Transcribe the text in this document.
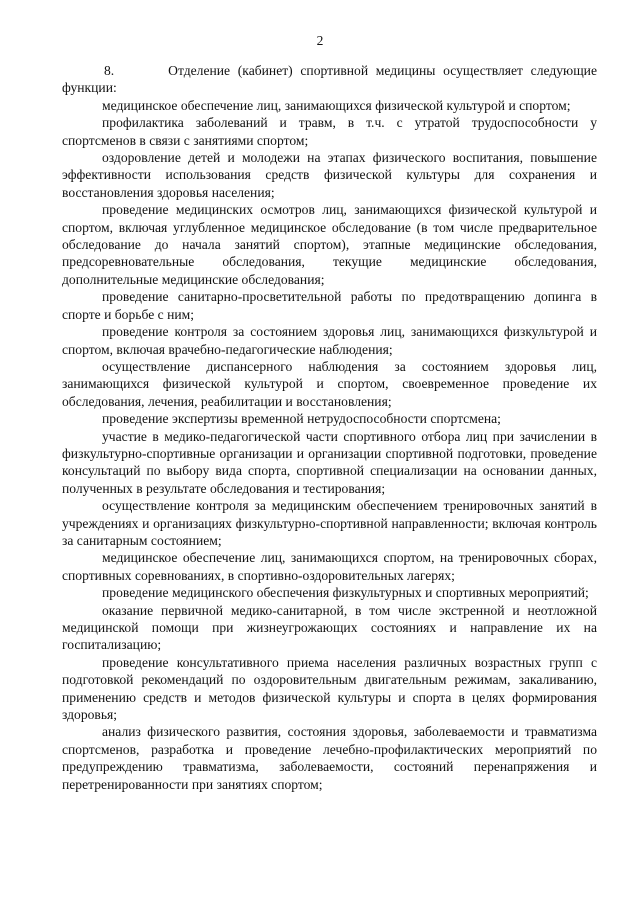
2

8.       Отделение (кабинет) спортивной медицины осуществляет следующие функции:

медицинское обеспечение лиц, занимающихся физической культурой и спортом;

профилактика заболеваний и травм, в т.ч. с утратой трудоспособности у спортсменов в связи с занятиями спортом;

оздоровление детей и молодежи на этапах физического воспитания, повышение эффективности использования средств физической культуры для сохранения и восстановления здоровья населения;

проведение медицинских осмотров лиц, занимающихся физической культурой и спортом, включая углубленное медицинское обследование (в том числе предварительное обследование до начала занятий спортом), этапные медицинские обследования, предсоревновательные обследования, текущие медицинские обследования, дополнительные медицинские обследования;

проведение санитарно-просветительной работы по предотвращению допинга в спорте и борьбе с ним;

проведение контроля за состоянием здоровья лиц, занимающихся физкультурой и спортом, включая врачебно-педагогические наблюдения;

осуществление диспансерного наблюдения за состоянием здоровья лиц, занимающихся физической культурой и спортом, своевременное проведение их обследования, лечения, реабилитации и восстановления;

проведение экспертизы временной нетрудоспособности спортсмена;

участие в медико-педагогической части спортивного отбора лиц при зачислении в физкультурно-спортивные организации и организации спортивной подготовки, проведение консультаций по выбору вида спорта, спортивной специализации на основании данных, полученных в результате обследования и тестирования;

осуществление контроля за медицинским обеспечением тренировочных занятий в учреждениях и организациях физкультурно-спортивной направленности; включая контроль за санитарным состоянием;

медицинское обеспечение лиц, занимающихся спортом, на тренировочных сборах, спортивных соревнованиях, в спортивно-оздоровительных лагерях;

проведение медицинского обеспечения физкультурных и спортивных мероприятий;

оказание первичной медико-санитарной, в том числе экстренной и неотложной медицинской помощи при жизнеугрожающих состояниях и направление их на госпитализацию;

проведение консультативного приема населения различных возрастных групп с подготовкой рекомендаций по оздоровительным двигательным режимам, закаливанию, применению средств и методов физической культуры и спорта в целях формирования здоровья;

анализ физического развития, состояния здоровья, заболеваемости и травматизма спортсменов, разработка и проведение лечебно-профилактических мероприятий по предупреждению травматизма, заболеваемости, состояний перенапряжения и перетренированности при занятиях спортом;
